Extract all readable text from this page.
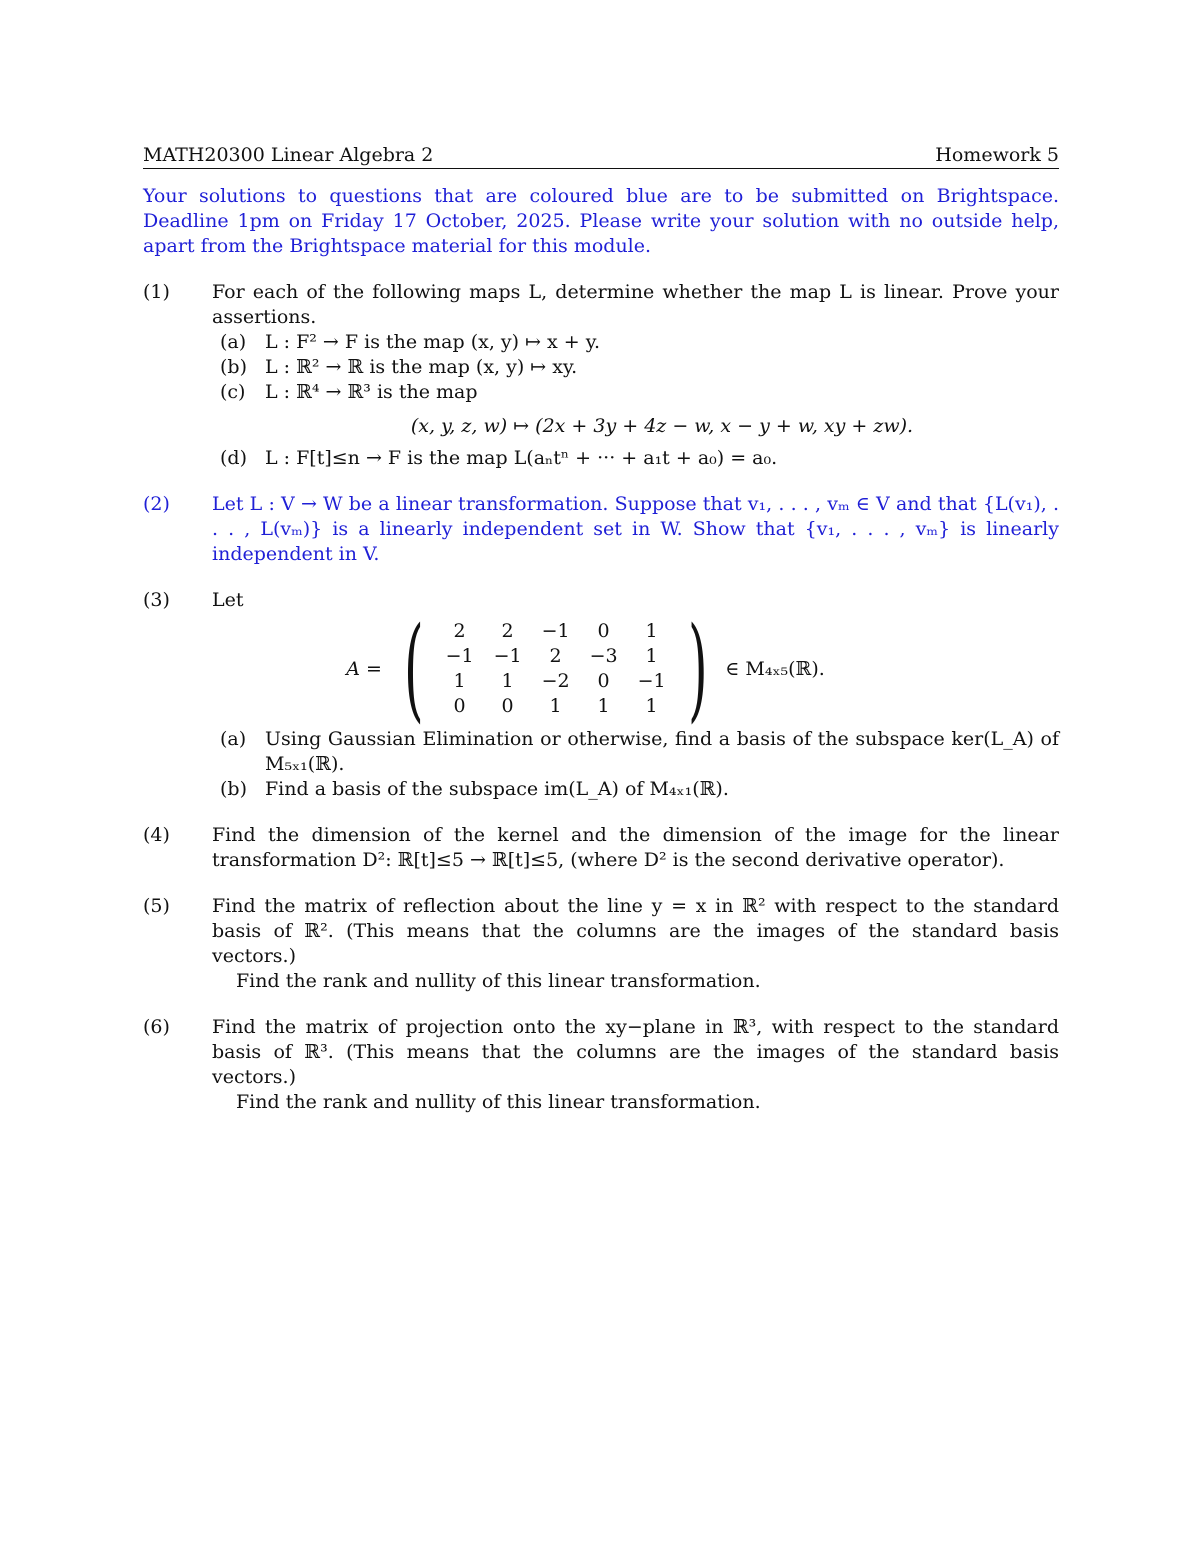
MATH20300 Linear Algebra 2	Homework 5
Your solutions to questions that are coloured blue are to be submitted on Brightspace. Deadline 1pm on Friday 17 October, 2025. Please write your solution with no outside help, apart from the Brightspace material for this module.
(1)	For each of the following maps L, determine whether the map L is linear. Prove your assertions.
(a) L : F² → F is the map (x, y) ↦ x + y.
(b) L : ℝ² → ℝ is the map (x, y) ↦ xy.
(c)	L : ℝ⁴ → ℝ³ is the map
(x, y, z, w) ↦ (2x + 3y + 4z − w, x − y + w, xy + zw).
(d) L : F[t]≤n → F is the map L(aₙtⁿ + ··· + a₁t + a₀) = a₀.
(2)	Let L : V → W be a linear transformation. Suppose that v₁, . . . , vₘ ∈ V and that {L(v₁), . . . , L(vₘ)} is a linearly independent set in W. Show that {v₁, . . . , vₘ} is linearly independent in V.
(3)	Let
A = (	2	2	−1	0	1
−1	−1	2	−3	1
1	1	−2	0	−1
0	0	1	1	1 ) ∈ M₄ₓ₅(ℝ).
(a) Using Gaussian Elimination or otherwise, find a basis of the subspace ker(L_A) of M₅ₓ₁(ℝ).
(b) Find a basis of the subspace im(L_A) of M₄ₓ₁(ℝ).
(4)	Find the dimension of the kernel and the dimension of the image for the linear transformation D²: ℝ[t]≤5 → ℝ[t]≤5, (where D² is the second derivative operator).
(5)	Find the matrix of reflection about the line y = x in ℝ² with respect to the standard basis of ℝ². (This means that the columns are the images of the standard basis vectors.)
Find the rank and nullity of this linear transformation.
(6)	Find the matrix of projection onto the xy−plane in ℝ³, with respect to the standard basis of ℝ³. (This means that the columns are the images of the standard basis vectors.)
Find the rank and nullity of this linear transformation.
